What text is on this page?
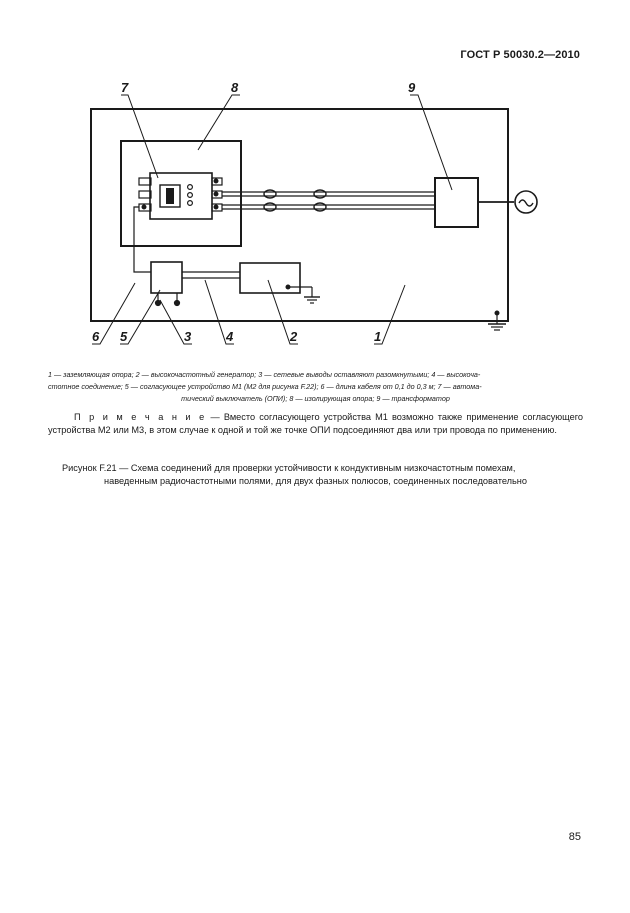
ГОСТ Р 50030.2—2010
7	8	9
6 5	3	4	2	1
1 — заземляющая опора; 2 — высокочастотный генератор; 3 — сетевые выводы оставляют разомкнутыми; 4 — высокоча-
стотное соединение; 5 — согласующее устройство М1 (М2 для рисунка F.22); 6 — длина кабеля от 0,1 до 0,3 м; 7 — автома-
тический выключатель (ОПИ); 8 — изолирующая опора; 9 — трансформатор

П р и м е ч а н и е — Вместо согласующего устройства М1 возможно также применение согласующего устройства М2 или М3, в этом случае к одной и той же точке ОПИ подсоединяют два или три провода по применению.

Рисунок F.21 — Схема соединений для проверки устойчивости к кондуктивным низкочастотным помехам,

наведенным радиочастотными полями, для двух фазных полюсов, соединенных последовательно

85
